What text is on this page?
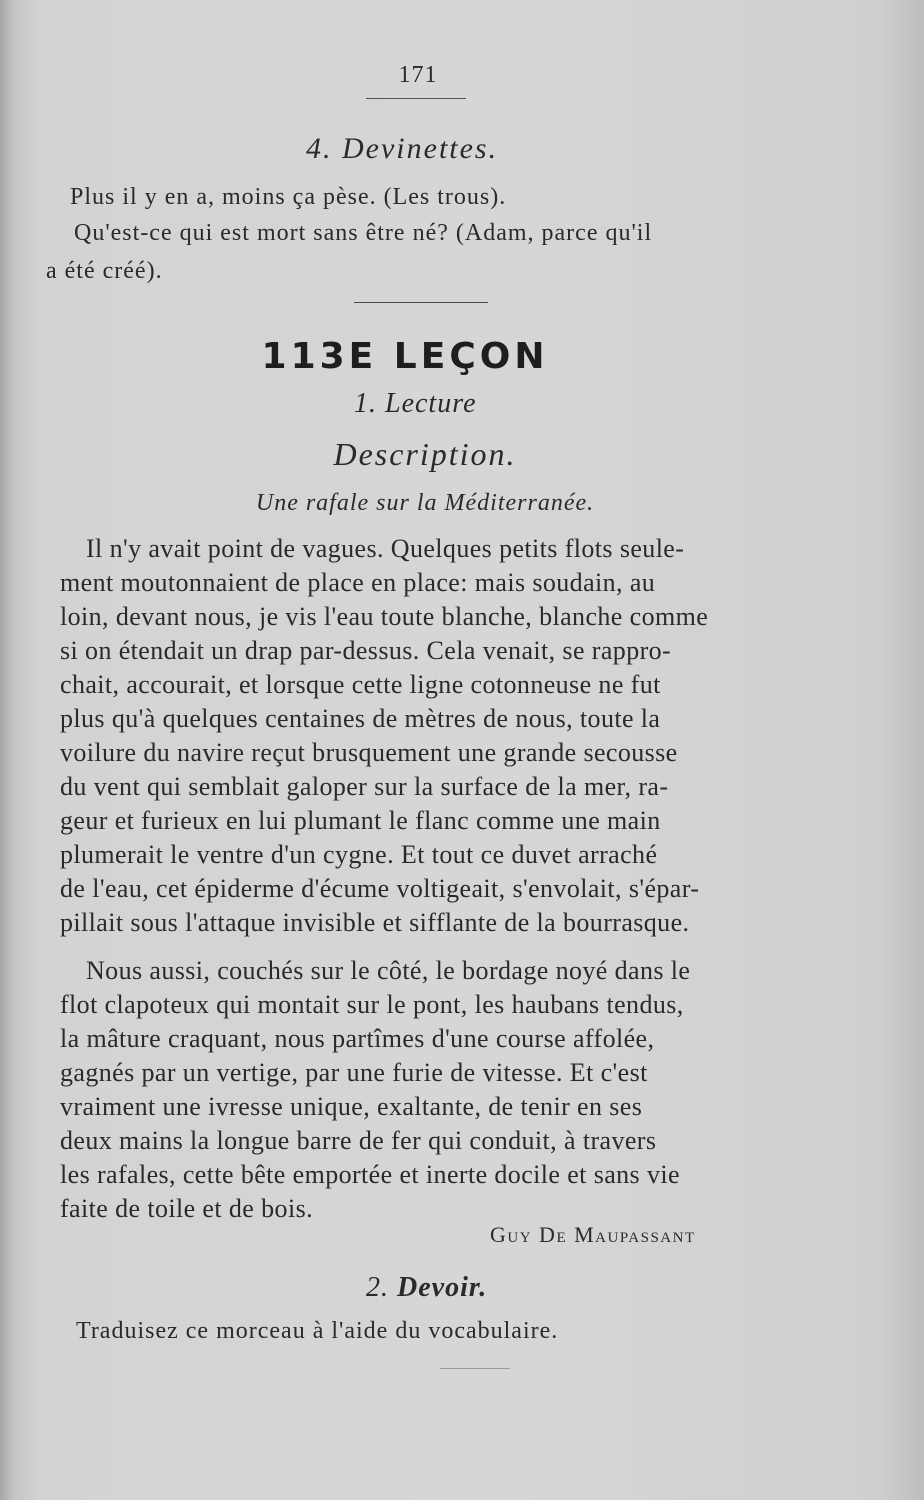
171
4. Devinettes.
Plus il y en a, moins ça pèse. (Les trous).
Qu'est-ce qui est mort sans être né? (Adam, parce qu'il
a été créé).
113E LEÇON
1. Lecture
Description.
Une rafale sur la Méditerranée.
Il n'y avait point de vagues. Quelques petits flots seule-
ment moutonnaient de place en place: mais soudain, au
loin, devant nous, je vis l'eau toute blanche, blanche comme
si on étendait un drap par-dessus. Cela venait, se rappro-
chait, accourait, et lorsque cette ligne cotonneuse ne fut
plus qu'à quelques centaines de mètres de nous, toute la
voilure du navire reçut brusquement une grande secousse
du vent qui semblait galoper sur la surface de la mer, ra-
geur et furieux en lui plumant le flanc comme une main
plumerait le ventre d'un cygne. Et tout ce duvet arraché
de l'eau, cet épiderme d'écume voltigeait, s'envolait, s'épar-
pillait sous l'attaque invisible et sifflante de la bourrasque.
Nous aussi, couchés sur le côté, le bordage noyé dans le
flot clapoteux qui montait sur le pont, les haubans tendus,
la mâture craquant, nous partîmes d'une course affolée,
gagnés par un vertige, par une furie de vitesse. Et c'est
vraiment une ivresse unique, exaltante, de tenir en ses
deux mains la longue barre de fer qui conduit, à travers
les rafales, cette bête emportée et inerte docile et sans vie
faite de toile et de bois.
Guy De Maupassant
2. Devoir.
Traduisez ce morceau à l'aide du vocabulaire.
